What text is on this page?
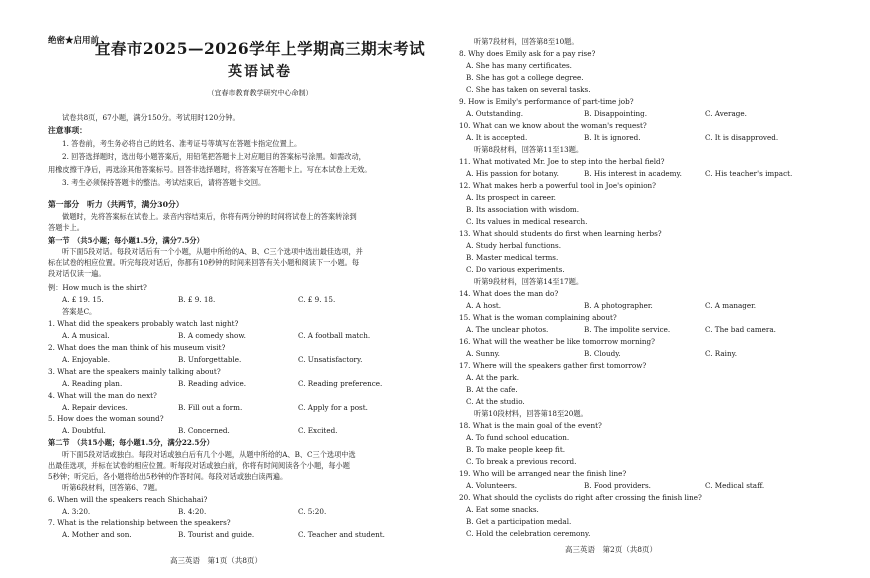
绝密★启用前
宜春市2025—2026学年上学期高三期末考试
英语试卷
（宜春市教育教学研究中心命制）
试卷共8页，67小题，满分150分。考试用时120分钟。
注意事项：
1. 答卷前，考生务必将自己的姓名、准考证号等填写在答题卡指定位置上。
2. 回答选择题时，选出每小题答案后，用铅笔把答题卡上对应题目的答案标号涂黑。如需改动，
用橡皮擦干净后，再选涂其他答案标号。回答非选择题时，将答案写在答题卡上。写在本试卷上无效。
3. 考生必须保持答题卡的整洁。考试结束后，请将答题卡交回。
第一部分　听力（共两节，满分30分）
做题时，先将答案标在试卷上。录音内容结束后，你将有两分钟的时间将试卷上的答案转涂到
答题卡上。
第一节　（共5小题；每小题1.5分，满分7.5分）
听下面5段对话。每段对话后有一个小题，从题中所给的A、B、C三个选项中选出最佳选项，并
标在试卷的相应位置。听完每段对话后，你都有10秒钟的时间来回答有关小题和阅读下一小题。每
段对话仅读一遍。
例：How much is the shirt?
A. £ 19. 15.	B. £ 9. 18.	C. £ 9. 15.
答案是C。
1. What did the speakers probably watch last night?
A. A musical.	B. A comedy show.	C. A football match.
2. What does the man think of his museum visit?
A. Enjoyable.	B. Unforgettable.	C. Unsatisfactory.
3. What are the speakers mainly talking about?
A. Reading plan.	B. Reading advice.	C. Reading preference.
4. What will the man do next?
A. Repair devices.	B. Fill out a form.	C. Apply for a post.
5. How does the woman sound?
A. Doubtful.	B. Concerned.	C. Excited.
第二节　（共15小题；每小题1.5分，满分22.5分）
听下面5段对话或独白。每段对话或独白后有几个小题，从题中所给的A、B、C三个选项中选
出最佳选项，并标在试卷的相应位置。听每段对话或独白前，你将有时间阅读各个小题，每小题
5秒钟；听完后，各小题将给出5秒钟的作答时间。每段对话或独白读两遍。
听第6段材料，回答第6、7题。
6. When will the speakers reach Shichahai?
A. 3:20.	B. 4:20.	C. 5:20.
7. What is the relationship between the speakers?
A. Mother and son.	B. Tourist and guide.	C. Teacher and student.
高三英语　第1页（共8页）
听第7段材料，回答第8至10题。
8. Why does Emily ask for a pay rise?
A. She has many certificates.
B. She has got a college degree.
C. She has taken on several tasks.
9. How is Emily's performance of part-time job?
A. Outstanding.	B. Disappointing.	C. Average.
10. What can we know about the woman's request?
A. It is accepted.	B. It is ignored.	C. It is disapproved.
听第8段材料，回答第11至13题。
11. What motivated Mr. Joe to step into the herbal field?
A. His passion for botany.	B. His interest in academy.	C. His teacher's impact.
12. What makes herb a powerful tool in Joe's opinion?
A. Its prospect in career.
B. Its association with wisdom.
C. Its values in medical research.
13. What should students do first when learning herbs?
A. Study herbal functions.
B. Master medical terms.
C. Do various experiments.
听第9段材料，回答第14至17题。
14. What does the man do?
A. A host.	B. A photographer.	C. A manager.
15. What is the woman complaining about?
A. The unclear photos.	B. The impolite service.	C. The bad camera.
16. What will the weather be like tomorrow morning?
A. Sunny.	B. Cloudy.	C. Rainy.
17. Where will the speakers gather first tomorrow?
A. At the park.
B. At the cafe.
C. At the studio.
听第10段材料，回答第18至20题。
18. What is the main goal of the event?
A. To fund school education.
B. To make people keep fit.
C. To break a previous record.
19. Who will be arranged near the finish line?
A. Volunteers.	B. Food providers.	C. Medical staff.
20. What should the cyclists do right after crossing the finish line?
A. Eat some snacks.
B. Get a participation medal.
C. Hold the celebration ceremony.
高三英语　第2页（共8页）
